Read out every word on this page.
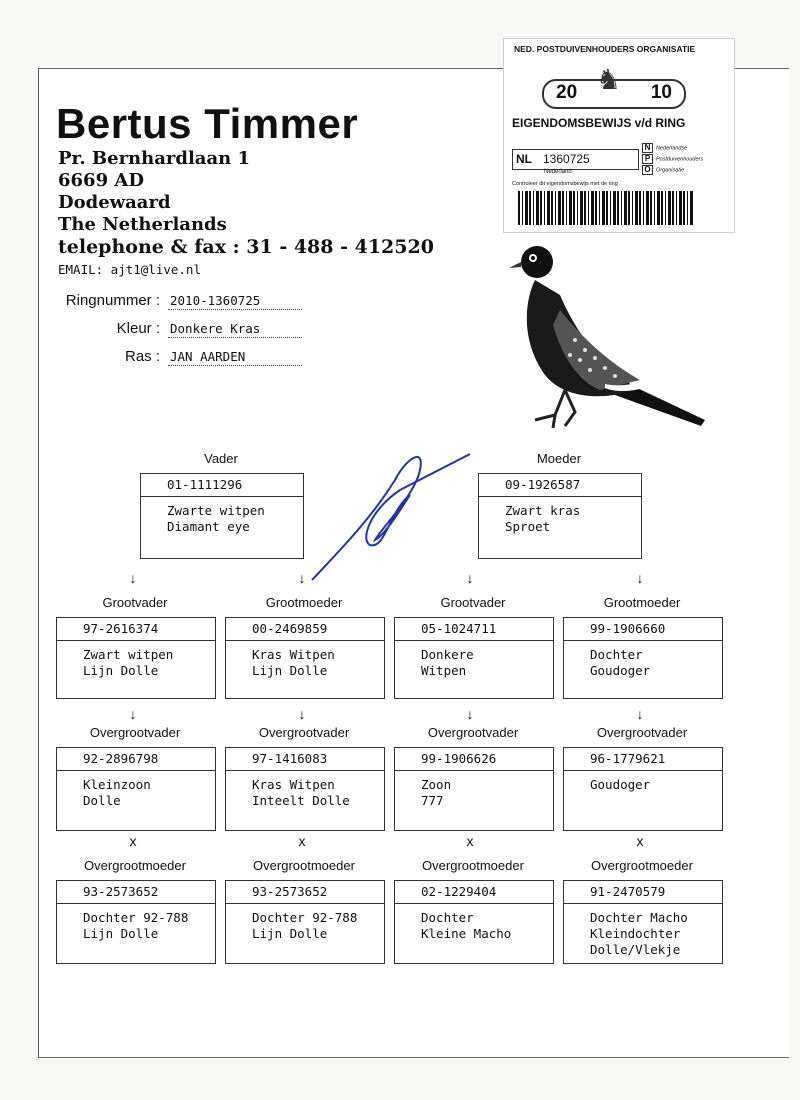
Bertus Timmer
Pr. Bernhardlaan 1
6669 AD
Dodewaard
The Netherlands
telephone & fax : 31 - 488 - 412520
EMAIL: ajt1@live.nl
Ringnummer : 2010-1360725
Kleur : Donkere Kras
Ras : JAN AARDEN
NED. POSTDUIVENHOUDERS ORGANISATIE
♞
20	10
EIGENDOMSBEWIJS v/d RING
NL 1360725
Nederland
N Nederlandse
P Postduivenhouders
O Organisatie
Controleer dit eigendomsbewijs met de ring
Vader
01-1111296
Zwarte witpen
Diamant eye
Moeder
09-1926587
Zwart kras
Sproet
↓	↓	↓	↓
Grootvader
97-2616374
Zwart witpen
Lijn Dolle
Grootmoeder
00-2469859
Kras Witpen
Lijn Dolle
Grootvader
05-1024711
Donkere
Witpen
Grootmoeder
99-1906660
Dochter
Goudoger
↓	↓	↓	↓
Overgrootvader
92-2896798
Kleinzoon
Dolle
Overgrootvader
97-1416083
Kras Witpen
Inteelt Dolle
Overgrootvader
99-1906626
Zoon
777
Overgrootvader
96-1779621
Goudoger
x	x	x	x
Overgrootmoeder
93-2573652
Dochter 92-788
Lijn Dolle
Overgrootmoeder
93-2573652
Dochter 92-788
Lijn Dolle
Overgrootmoeder
02-1229404
Dochter
Kleine Macho
Overgrootmoeder
91-2470579
Dochter Macho
Kleindochter
Dolle/Vlekje
